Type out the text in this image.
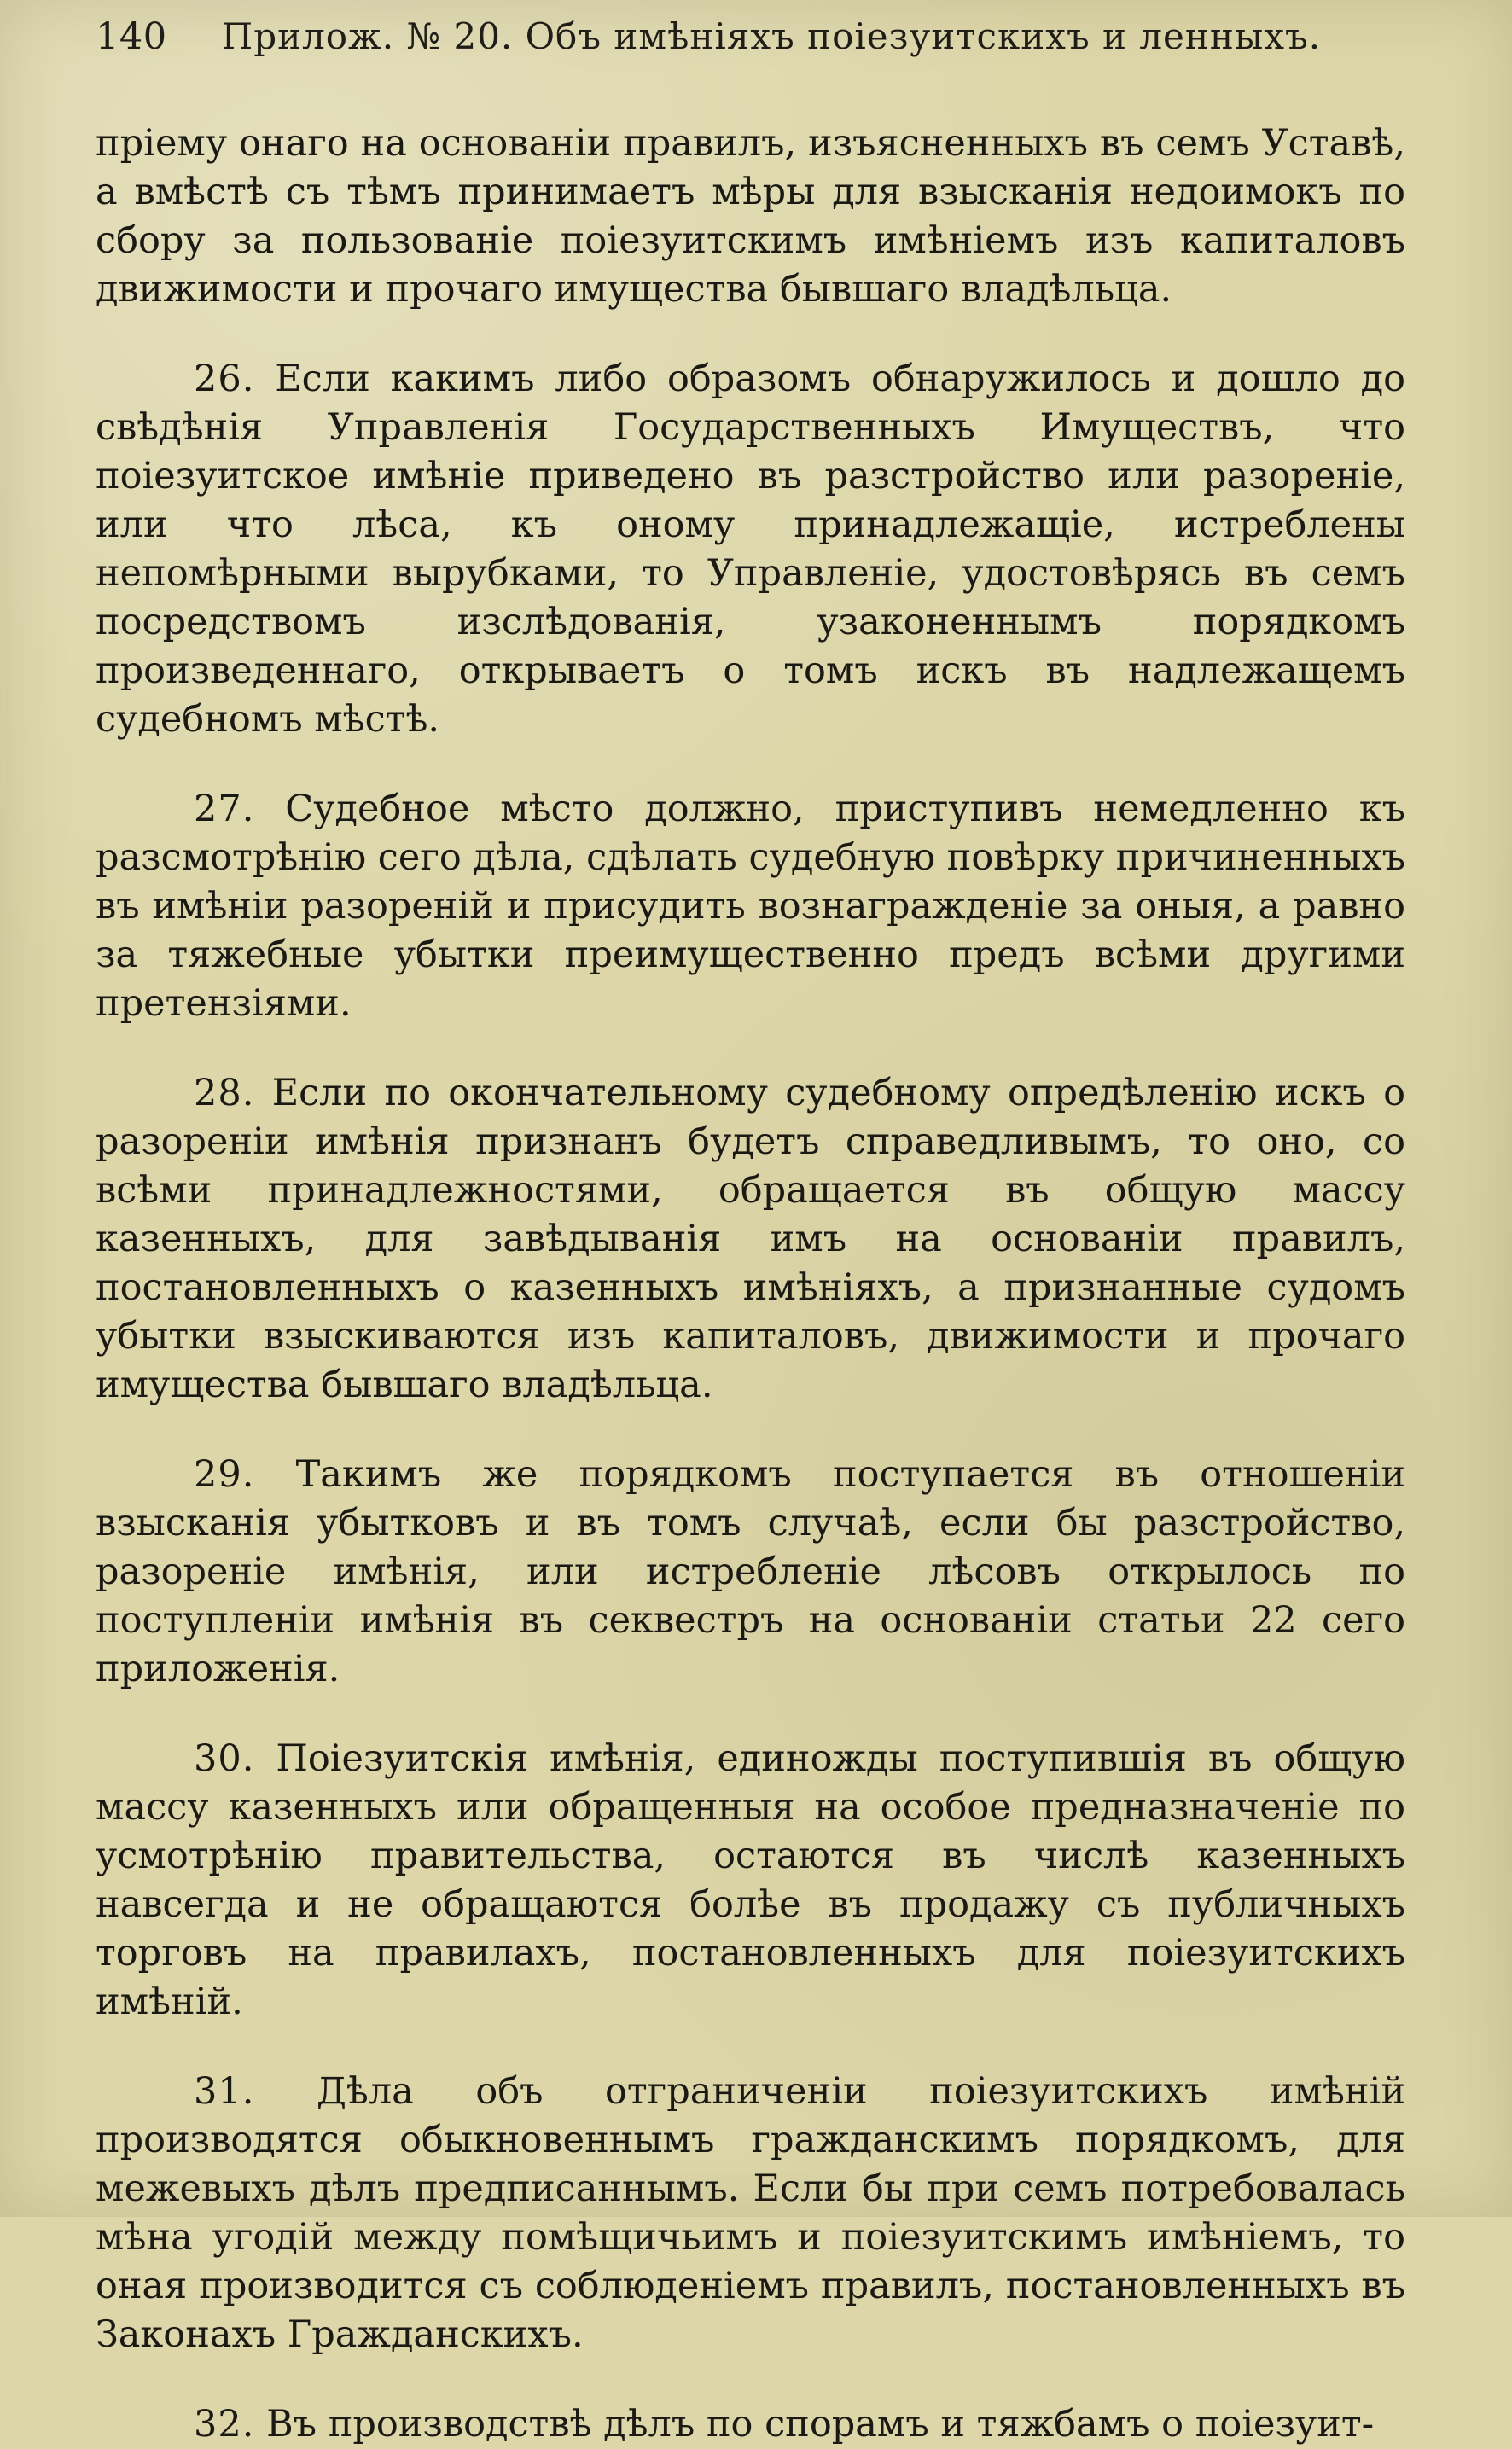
140 Прилож. № 20. Объ имѣніяхъ поiезуитскихъ и ленныхъ.

прiему онаго на основанiи правилъ, изъясненныхъ въ семъ Уставѣ, а вмѣстѣ съ тѣмъ принимаетъ мѣры для взысканiя недоимокъ по сбору за пользованiе поiезуитскимъ имѣнiемъ изъ капиталовъ движимости и прочаго имущества бывшаго владѣльца.

26. Если какимъ либо образомъ обнаружилось и дошло до свѣдѣнiя Управленiя Государственныхъ Имуществъ, что поiезуитское имѣнiе приведено въ разстройство или разоренiе, или что лѣса, къ оному принадлежащiе, истреблены непомѣрными вырубками, то Управленiе, удостовѣрясь въ семъ посредствомъ изслѣдованiя, узаконеннымъ порядкомъ произведеннаго, открываетъ о томъ искъ въ надлежащемъ судебномъ мѣстѣ.

27. Судебное мѣсто должно, приступивъ немедленно къ разсмотрѣнiю сего дѣла, сдѣлать судебную повѣрку причиненныхъ въ имѣнiи разоренiй и присудить вознагражденiе за оныя, а равно за тяжебные убытки преимущественно предъ всѣми другими претензiями.

28. Если по окончательному судебному опредѣленiю искъ о разоренiи имѣнiя признанъ будетъ справедливымъ, то оно, со всѣми принадлежностями, обращается въ общую массу казенныхъ, для завѣдыванiя имъ на основанiи правилъ, постановленныхъ о казенныхъ имѣнiяхъ, а признанные судомъ убытки взыскиваются изъ капиталовъ, движимости и прочаго имущества бывшаго владѣльца.

29. Такимъ же порядкомъ поступается въ отношенiи взысканiя убытковъ и въ томъ случаѣ, если бы разстройство, разоренiе имѣнiя, или истребленiе лѣсовъ открылось по поступленiи имѣнiя въ секвестръ на основанiи статьи 22 сего приложенiя.

30. Поiезуитскiя имѣнiя, единожды поступившiя въ общую массу казенныхъ или обращенныя на особое предназначенiе по усмотрѣнiю правительства, остаются въ числѣ казенныхъ навсегда и не обращаются болѣе въ продажу съ публичныхъ торговъ на правилахъ, постановленныхъ для поiезуитскихъ имѣнiй.

31. Дѣла объ отграниченiи поiезуитскихъ имѣнiй производятся обыкновеннымъ гражданскимъ порядкомъ, для межевыхъ дѣлъ предписаннымъ. Если бы при семъ потребовалась мѣна угодiй между помѣщичьимъ и поiезуитскимъ имѣнiемъ, то оная производится съ соблюденiемъ правилъ, постановленныхъ въ Законахъ Гражданскихъ.

32. Въ производствѣ дѣлъ по спорамъ и тяжбамъ о поiезуит-
